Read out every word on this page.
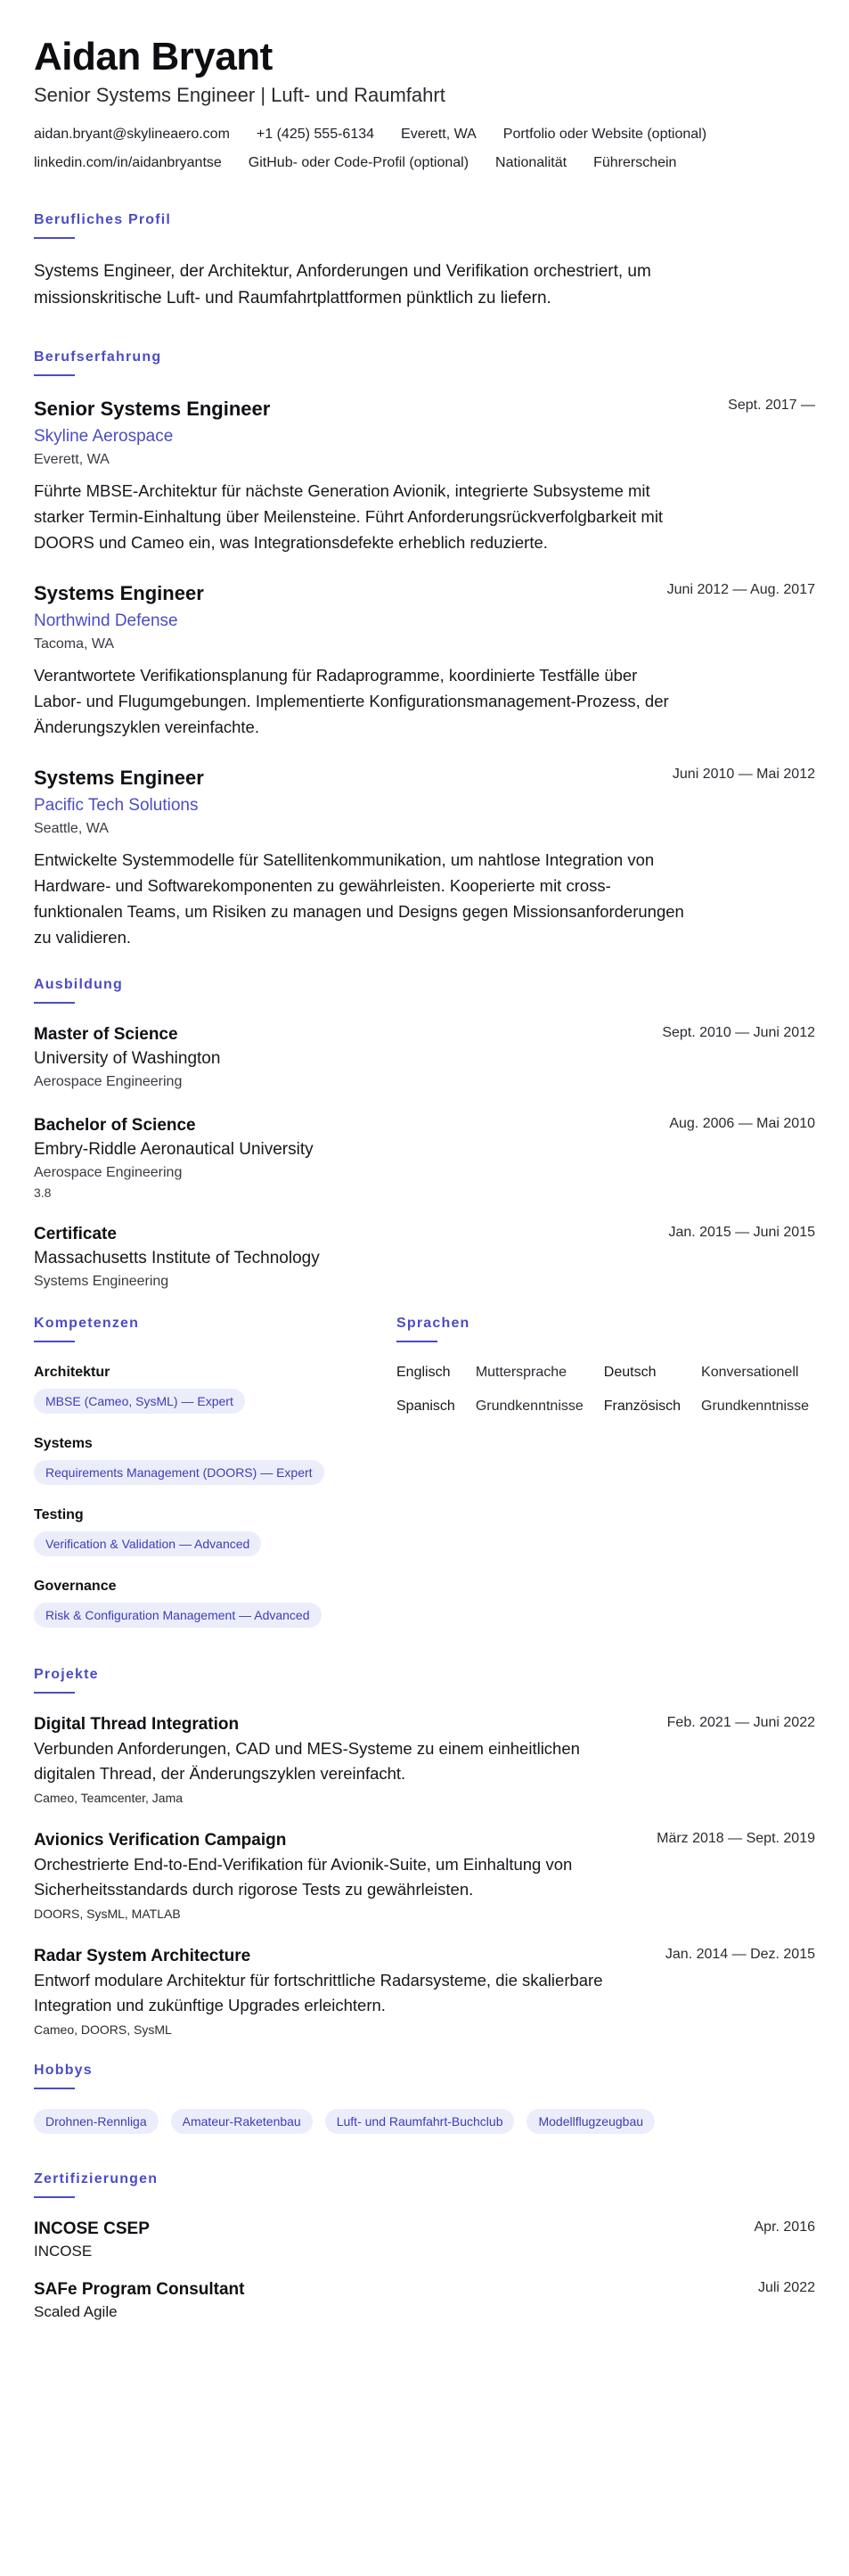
Aidan Bryant
Senior Systems Engineer | Luft- und Raumfahrt
aidan.bryant@skylineaero.com +1 (425) 555-6134 Everett, WA Portfolio oder Website (optional)
linkedin.com/in/aidanbryantse GitHub- oder Code-Profil (optional) Nationalität Führerschein
Berufliches Profil

Systems Engineer, der Architektur, Anforderungen und Verifikation orchestriert, um missionskritische Luft- und Raumfahrtplattformen pünktlich zu liefern.

Berufserfahrung
Sept. 2017 —
Senior Systems Engineer
Skyline Aerospace
Everett, WA

Führte MBSE-Architektur für nächste Generation Avionik, integrierte Subsysteme mit starker Termin-Einhaltung über Meilensteine. Führt Anforderungsrückverfolgbarkeit mit DOORS und Cameo ein, was Integrationsdefekte erheblich reduzierte.

Juni 2012 — Aug. 2017
Systems Engineer
Northwind Defense
Tacoma, WA

Verantwortete Verifikationsplanung für Radaprogramme, koordinierte Testfälle über Labor- und Flugumgebungen. Implementierte Konfigurationsmanagement-Prozess, der Änderungszyklen vereinfachte.

Juni 2010 — Mai 2012
Systems Engineer
Pacific Tech Solutions
Seattle, WA

Entwickelte Systemmodelle für Satellitenkommunikation, um nahtlose Integration von Hardware- und Softwarekomponenten zu gewährleisten. Kooperierte mit cross-funktionalen Teams, um Risiken zu managen und Designs gegen Missionsanforderungen zu validieren.

Ausbildung
Sept. 2010 — Juni 2012
Master of Science
University of Washington
Aerospace Engineering
Aug. 2006 — Mai 2010
Bachelor of Science
Embry-Riddle Aeronautical University
Aerospace Engineering
3.8
Jan. 2015 — Juni 2015
Certificate
Massachusetts Institute of Technology
Systems Engineering
Kompetenzen
Architektur
MBSE (Cameo, SysML) — Expert
Systems
Requirements Management (DOORS) — Expert
Testing
Verification & Validation — Advanced
Governance
Risk & Configuration Management — Advanced
Sprachen
Englisch	Muttersprache	Deutsch	Konversationell
Spanisch	Grundkenntnisse	Französisch	Grundkenntnisse
Projekte
Feb. 2021 — Juni 2022
Digital Thread Integration

Verbunden Anforderungen, CAD und MES-Systeme zu einem einheitlichen digitalen Thread, der Änderungszyklen vereinfacht.

Cameo, Teamcenter, Jama
März 2018 — Sept. 2019
Avionics Verification Campaign

Orchestrierte End-to-End-Verifikation für Avionik-Suite, um Einhaltung von Sicherheitsstandards durch rigorose Tests zu gewährleisten.

DOORS, SysML, MATLAB
Jan. 2014 — Dez. 2015
Radar System Architecture

Entworf modulare Architektur für fortschrittliche Radarsysteme, die skalierbare Integration und zukünftige Upgrades erleichtern.

Cameo, DOORS, SysML
Hobbys
Drohnen-Rennliga	Amateur-Raketenbau	Luft- und Raumfahrt-Buchclub	Modellflugzeugbau
Zertifizierungen
Apr. 2016
INCOSE CSEP
INCOSE
Juli 2022
SAFe Program Consultant
Scaled Agile
